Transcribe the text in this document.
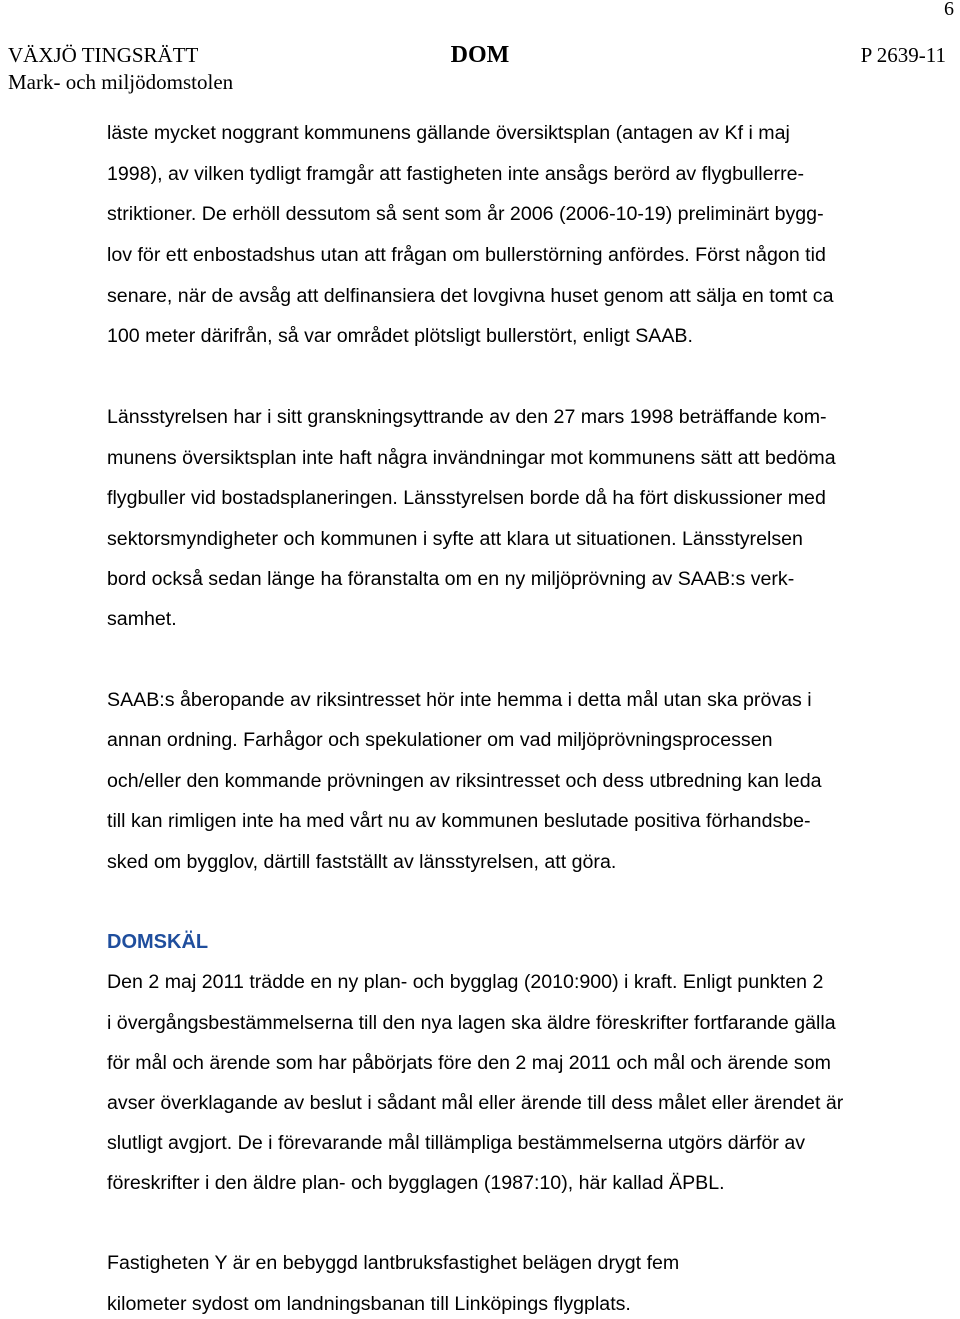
6
VÄXJÖ TINGSRÄTT
Mark- och miljödomstolen
DOM	P 2639-11
läste mycket noggrant kommunens gällande översiktsplan (antagen av Kf i maj
1998), av vilken tydligt framgår att fastigheten inte ansågs berörd av flygbullerre-
striktioner. De erhöll dessutom så sent som år 2006 (2006-10-19) preliminärt bygg-
lov för ett enbostadshus utan att frågan om bullerstörning anfördes. Först någon tid
senare, när de avsåg att delfinansiera det lovgivna huset genom att sälja en tomt ca
100 meter därifrån, så var området plötsligt bullerstört, enligt SAAB.
Länsstyrelsen har i sitt granskningsyttrande av den 27 mars 1998 beträffande kom-
munens översiktsplan inte haft några invändningar mot kommunens sätt att bedöma
flygbuller vid bostadsplaneringen. Länsstyrelsen borde då ha fört diskussioner med
sektorsmyndigheter och kommunen i syfte att klara ut situationen. Länsstyrelsen
bord också sedan länge ha föranstalta om en ny miljöprövning av SAAB:s verk-
samhet.
SAAB:s åberopande av riksintresset hör inte hemma i detta mål utan ska prövas i
annan ordning. Farhågor och spekulationer om vad miljöprövningsprocessen
och/eller den kommande prövningen av riksintresset och dess utbredning kan leda
till kan rimligen inte ha med vårt nu av kommunen beslutade positiva förhandsbe-
sked om bygglov, därtill fastställt av länsstyrelsen, att göra.
DOMSKÄL
Den 2 maj 2011 trädde en ny plan- och bygglag (2010:900) i kraft. Enligt punkten 2
i övergångsbestämmelserna till den nya lagen ska äldre föreskrifter fortfarande gälla
för mål och ärende som har påbörjats före den 2 maj 2011 och mål och ärende som
avser överklagande av beslut i sådant mål eller ärende till dess målet eller ärendet är
slutligt avgjort. De i förevarande mål tillämpliga bestämmelserna utgörs därför av
föreskrifter i den äldre plan- och bygglagen (1987:10), här kallad ÄPBL.
Fastigheten Y är en bebyggd lantbruksfastighet belägen drygt fem
kilometer sydost om landningsbanan till Linköpings flygplats.
